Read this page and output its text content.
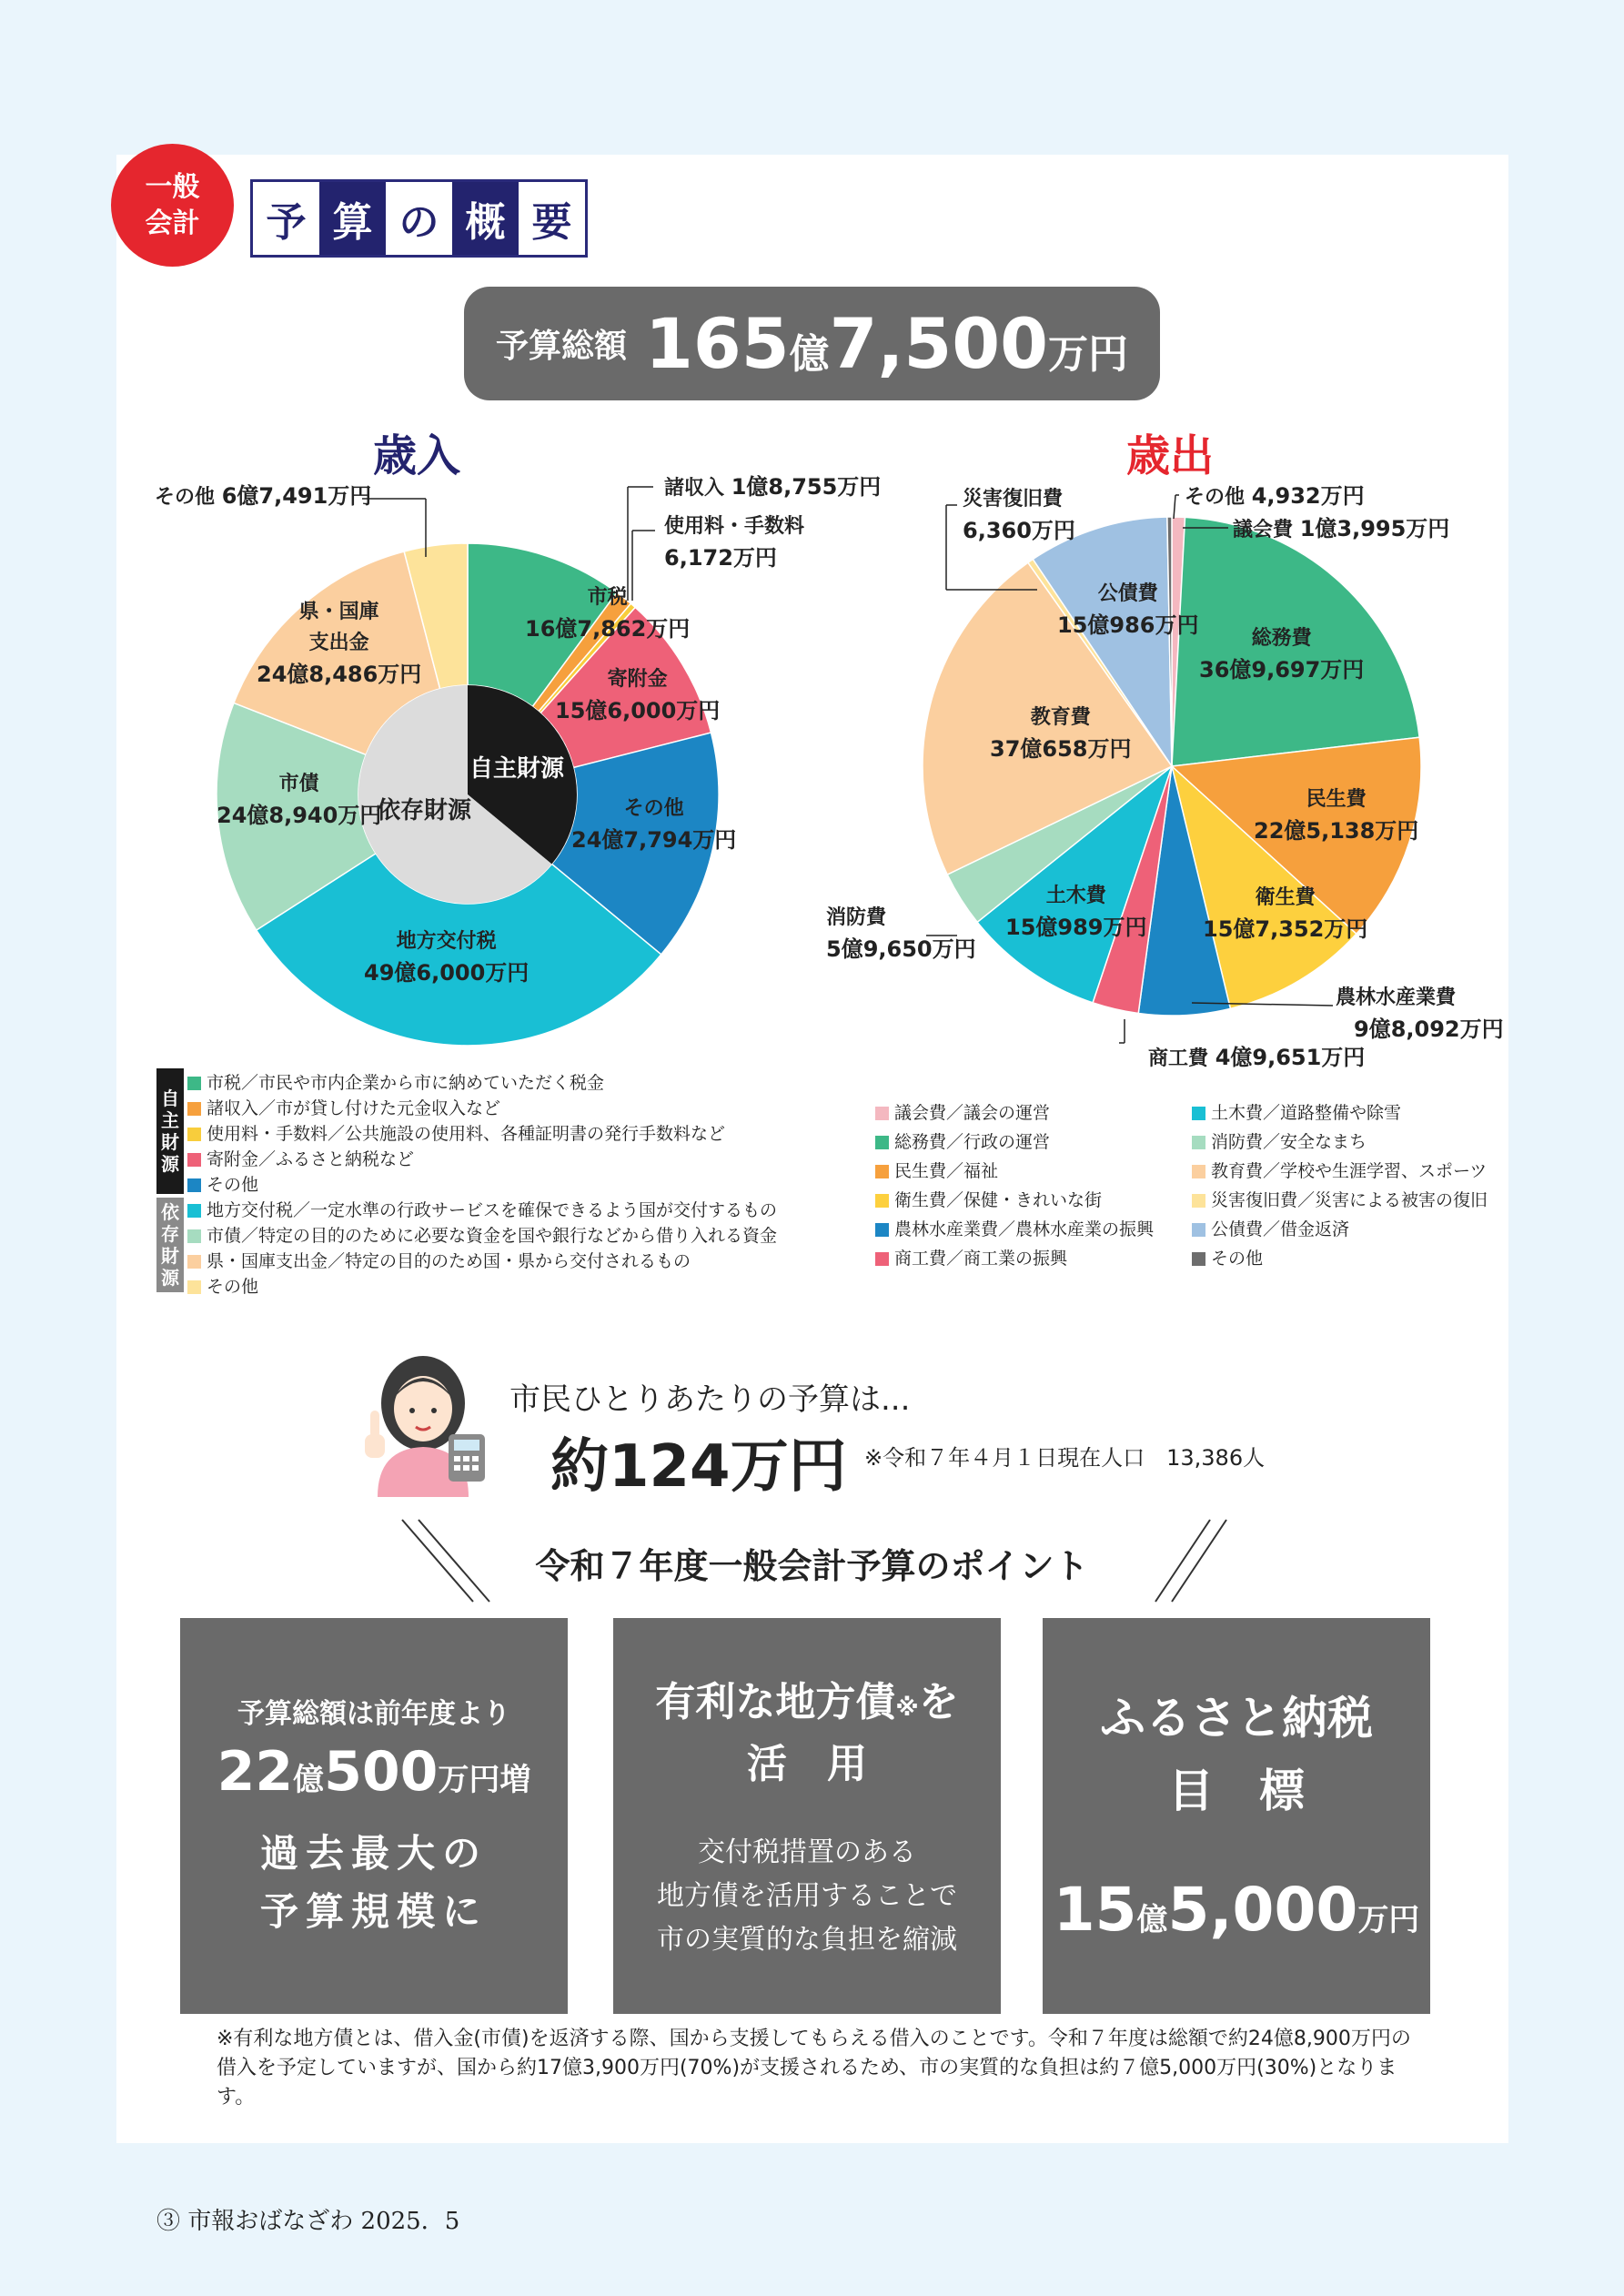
一般
会計	予 算 の 概 要
予算総額 165億7,500万円
歳入	歳出
市税
16億7,862万円
諸収入 1億8,755万円
使用料・手数料
6,172万円
寄附金
15億6,000万円
その他
24億7,794万円
地方交付税
49億6,000万円
市債
24億8,940万円
県・国庫
支出金
24億8,486万円
その他 6億7,491万円
自主財源
依存財源
その他 4,932万円
議会費 1億3,995万円
総務費
36億9,697万円
民生費
22億5,138万円
衛生費
15億7,352万円
農林水産業費
9億8,092万円
商工費 4億9,651万円
土木費
15億989万円
消防費
5億9,650万円
教育費
37億658万円
災害復旧費
6,360万円
公債費
15億986万円
自
主
財
源
依
存
財
源
市税／市民や市内企業から市に納めていただく税金
諸収入／市が貸し付けた元金収入など
使用料・手数料／公共施設の使用料、各種証明書の発行手数料など
寄附金／ふるさと納税など
その他
地方交付税／一定水準の行政サービスを確保できるよう国が交付するもの
市債／特定の目的のために必要な資金を国や銀行などから借り入れる資金
県・国庫支出金／特定の目的のため国・県から交付されるもの
その他
議会費／議会の運営
総務費／行政の運営
民生費／福祉
衛生費／保健・きれいな街
農林水産業費／農林水産業の振興
商工費／商工業の振興
土木費／道路整備や除雪
消防費／安全なまち
教育費／学校や生涯学習、スポーツ
災害復旧費／災害による被害の復旧
公債費／借金返済
その他
市民ひとりあたりの予算は...
約124万円 ※令和７年４月１日現在人口　13,386人
令和７年度一般会計予算のポイント
予算総額は前年度より
22億500万円増
過去最大の
予算規模に
有利な地方債※を
活　用
交付税措置のある
地方債を活用することで
市の実質的な負担を縮減
ふるさと納税
目　標
15億5,000万円
※有利な地方債とは、借入金(市債)を返済する際、国から支援してもらえる借入のことです。令和７年度は総額で約24億8,900万円の借入を予定していますが、国から約17億3,900万円(70%)が支援されるため、市の実質的な負担は約７億5,000万円(30%)となります。
③ 市報おばなざわ 2025．5
